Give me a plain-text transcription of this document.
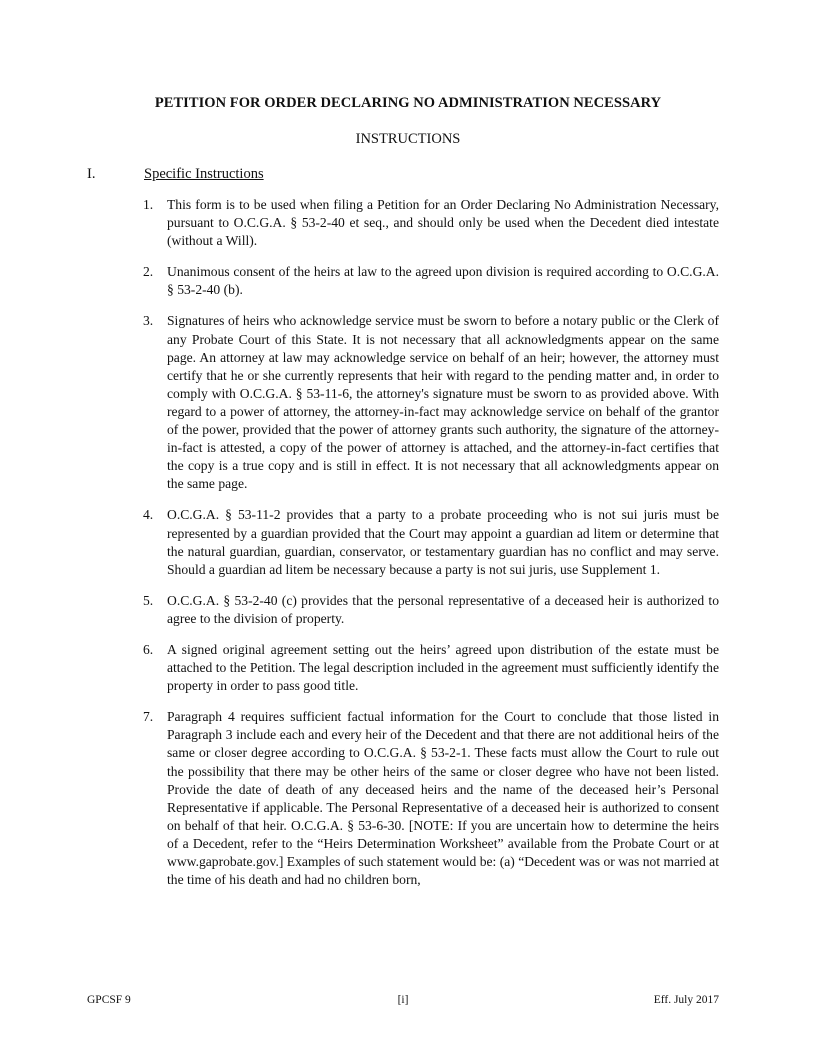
PETITION FOR ORDER DECLARING NO ADMINISTRATION NECESSARY
INSTRUCTIONS
I.	Specific Instructions
1. This form is to be used when filing a Petition for an Order Declaring No Administration Necessary, pursuant to O.C.G.A. § 53-2-40 et seq., and should only be used when the Decedent died intestate (without a Will).
2. Unanimous consent of the heirs at law to the agreed upon division is required according to O.C.G.A. § 53-2-40 (b).
3. Signatures of heirs who acknowledge service must be sworn to before a notary public or the Clerk of any Probate Court of this State. It is not necessary that all acknowledgments appear on the same page. An attorney at law may acknowledge service on behalf of an heir; however, the attorney must certify that he or she currently represents that heir with regard to the pending matter and, in order to comply with O.C.G.A. § 53-11-6, the attorney's signature must be sworn to as provided above. With regard to a power of attorney, the attorney-in-fact may acknowledge service on behalf of the grantor of the power, provided that the power of attorney grants such authority, the signature of the attorney-in-fact is attested, a copy of the power of attorney is attached, and the attorney-in-fact certifies that the copy is a true copy and is still in effect. It is not necessary that all acknowledgments appear on the same page.
4. O.C.G.A. § 53-11-2 provides that a party to a probate proceeding who is not sui juris must be represented by a guardian provided that the Court may appoint a guardian ad litem or determine that the natural guardian, guardian, conservator, or testamentary guardian has no conflict and may serve. Should a guardian ad litem be necessary because a party is not sui juris, use Supplement 1.
5. O.C.G.A. § 53-2-40 (c) provides that the personal representative of a deceased heir is authorized to agree to the division of property.
6. A signed original agreement setting out the heirs’ agreed upon distribution of the estate must be attached to the Petition. The legal description included in the agreement must sufficiently identify the property in order to pass good title.
7. Paragraph 4 requires sufficient factual information for the Court to conclude that those listed in Paragraph 3 include each and every heir of the Decedent and that there are not additional heirs of the same or closer degree according to O.C.G.A. § 53-2-1. These facts must allow the Court to rule out the possibility that there may be other heirs of the same or closer degree who have not been listed. Provide the date of death of any deceased heirs and the name of the deceased heir’s Personal Representative if applicable. The Personal Representative of a deceased heir is authorized to consent on behalf of that heir. O.C.G.A. § 53-6-30. [NOTE: If you are uncertain how to determine the heirs of a Decedent, refer to the “Heirs Determination Worksheet” available from the Probate Court or at www.gaprobate.gov.] Examples of such statement would be: (a) “Decedent was or was not married at the time of his death and had no children born,
GPCSF 9	[i]	Eff. July 2017
